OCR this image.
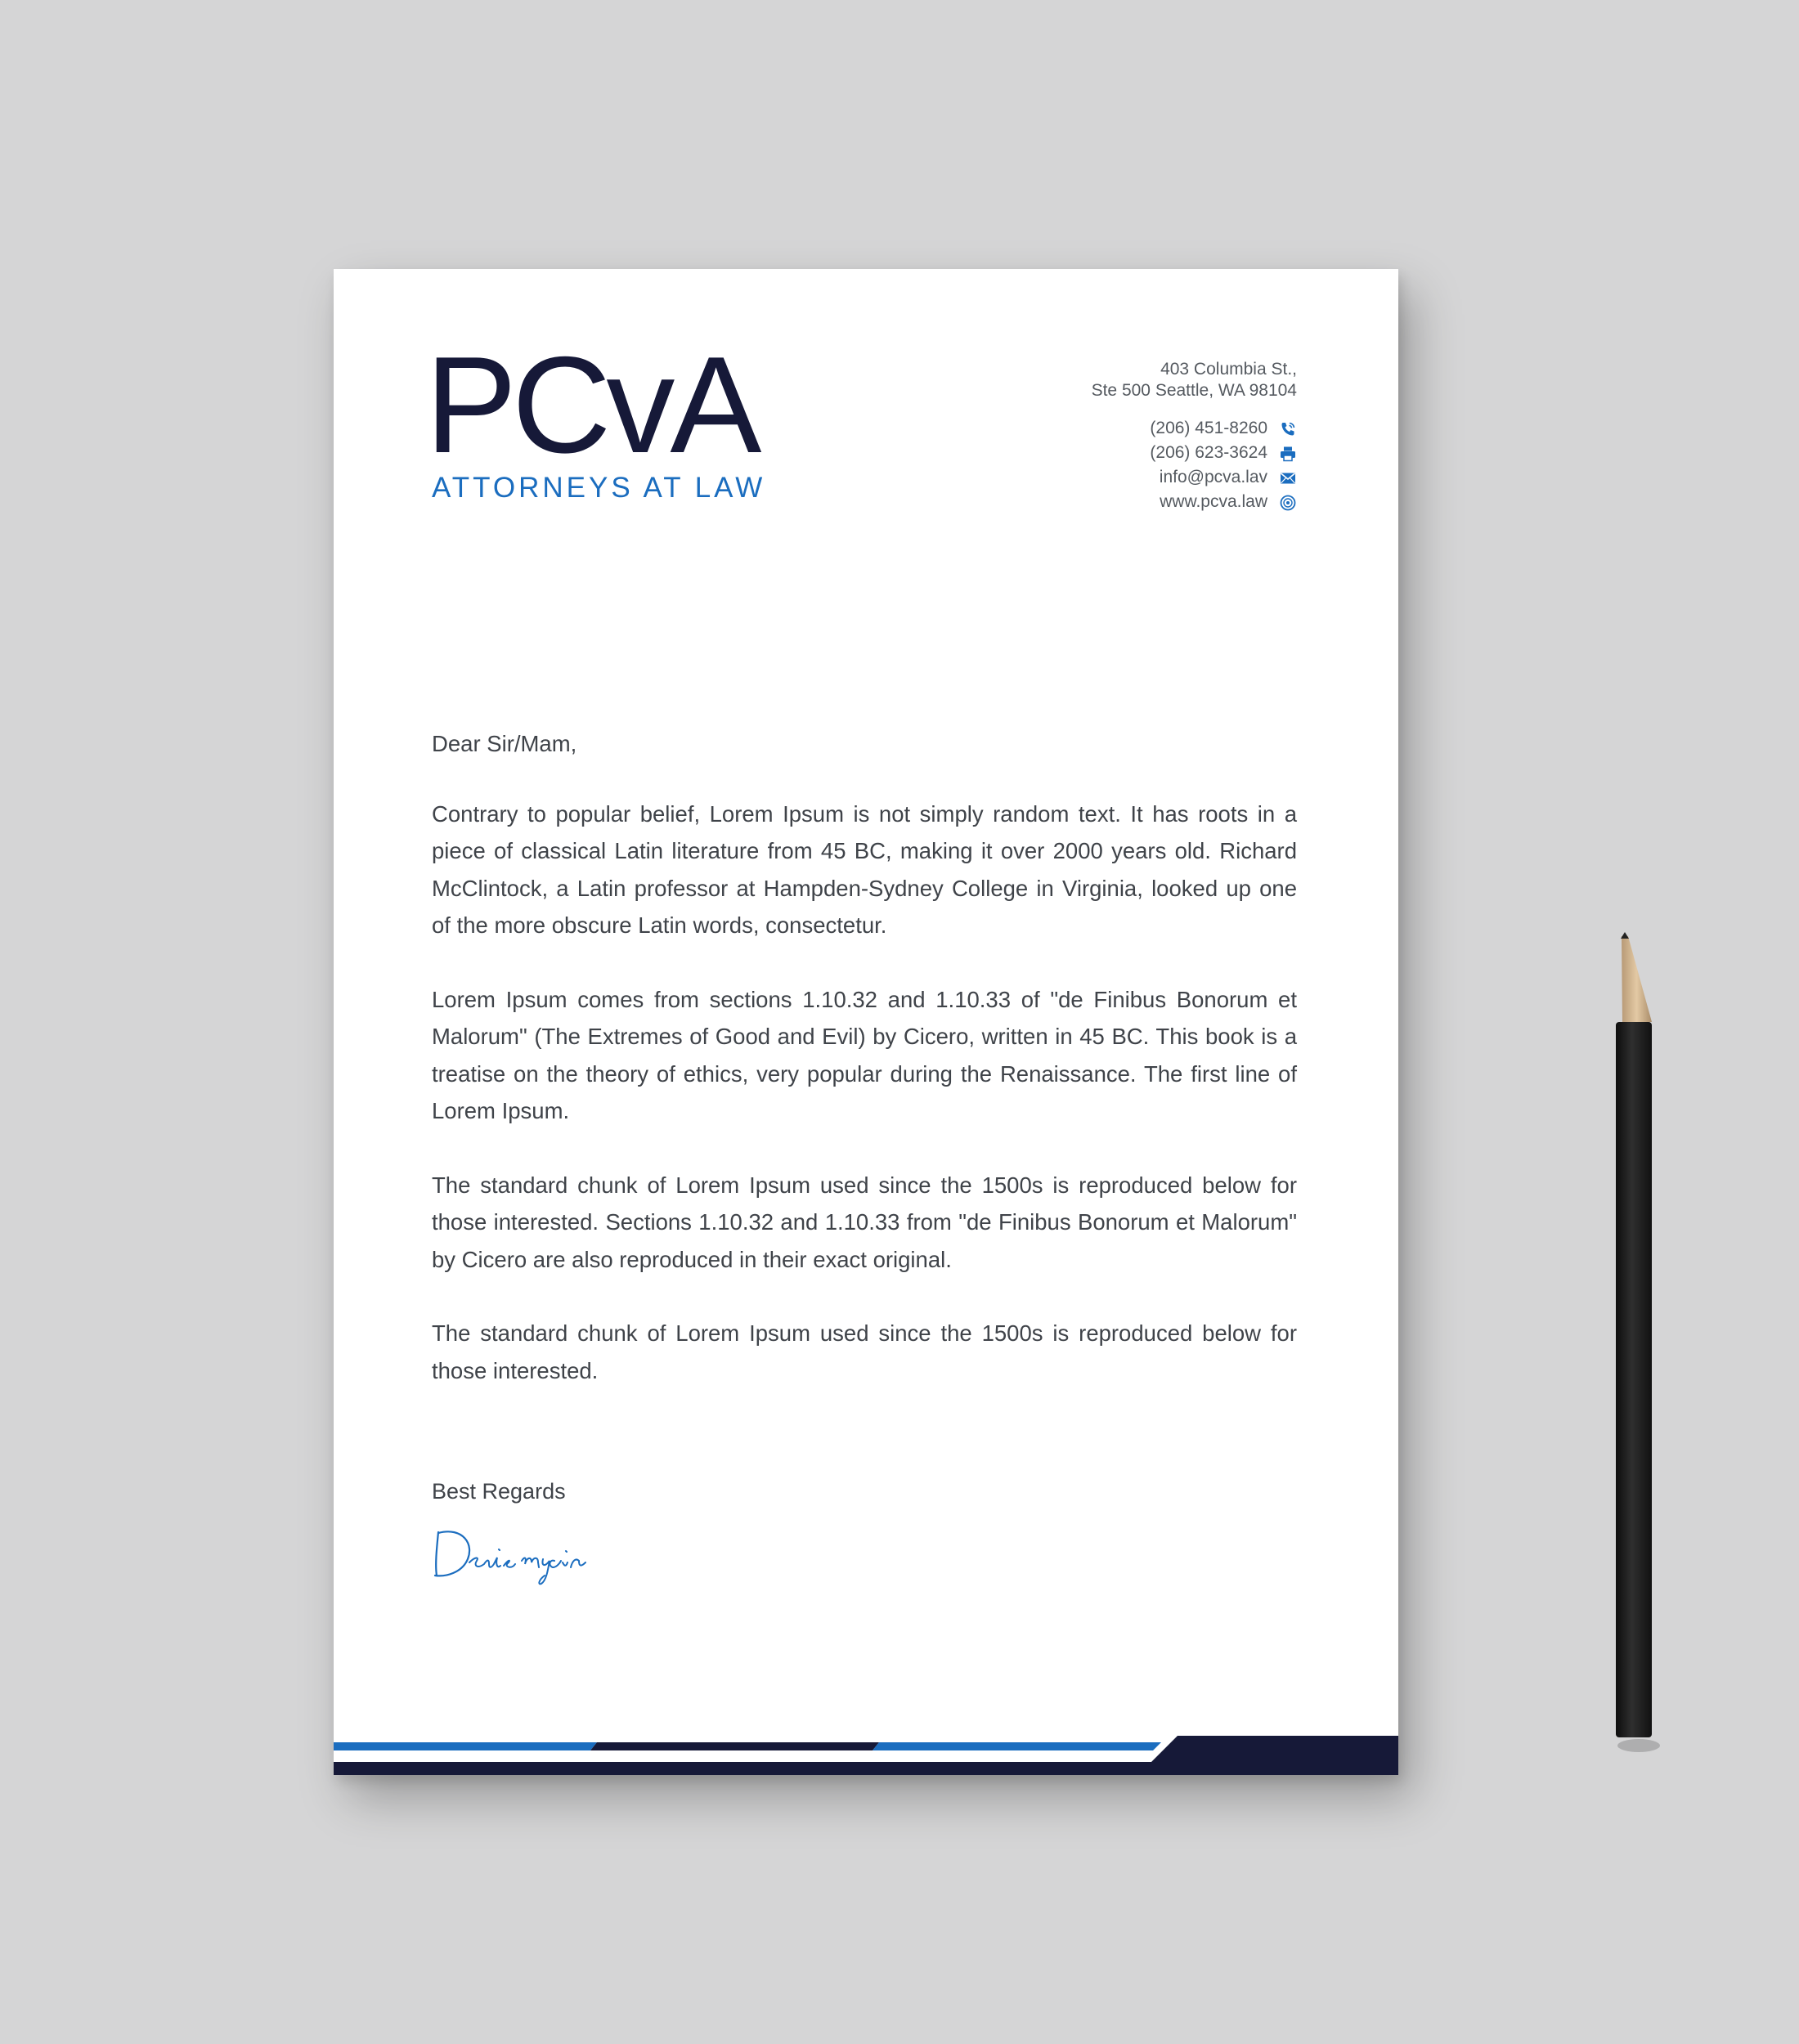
PCvA
ATTORNEYS AT LAW
403 Columbia St.,
Ste 500 Seattle, WA 98104
(206) 451-8260
(206) 623-3624
info@pcva.lav
www.pcva.law

Dear Sir/Mam,

Contrary to popular belief, Lorem Ipsum is not simply random text. It has roots in a piece of classical Latin literature from 45 BC, making it over 2000 years old. Richard McClintock, a Latin professor at Hampden-Sydney College in Virginia, looked up one of the more obscure Latin words, consectetur.

Lorem Ipsum comes from sections 1.10.32 and 1.10.33 of "de Finibus Bonorum et Malorum" (The Extremes of Good and Evil) by Cicero, written in 45 BC. This book is a treatise on the theory of ethics, very popular during the Renaissance. The first line of Lorem Ipsum.

The standard chunk of Lorem Ipsum used since the 1500s is reproduced below for those interested. Sections 1.10.32 and 1.10.33 from "de Finibus Bonorum et Malorum" by Cicero are also reproduced in their exact original.

The standard chunk of Lorem Ipsum used since the 1500s is reproduced below for those interested.

Best Regards
